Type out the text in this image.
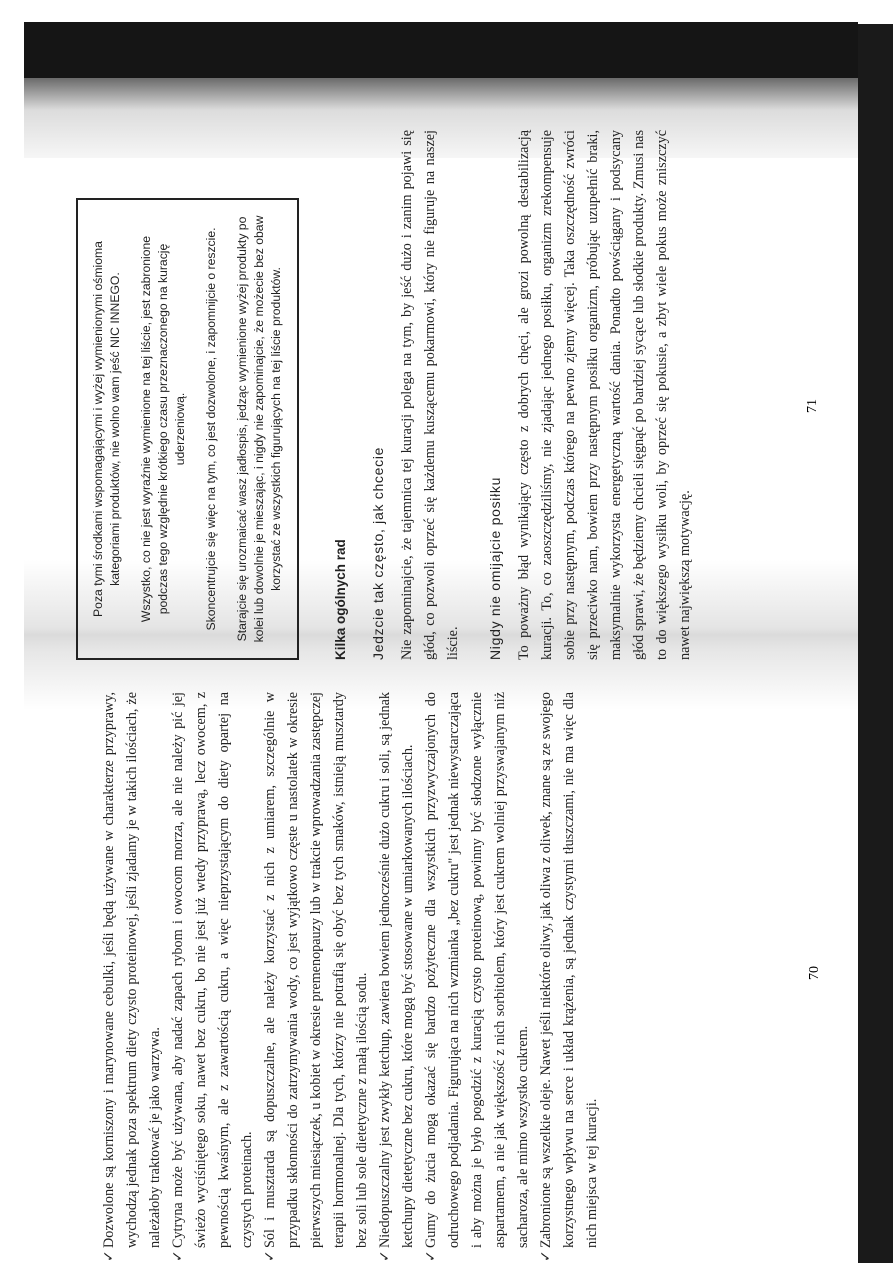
Poza tymi środkami wspomagającymi i wyżej wymienionymi ośmioma kategoriami produktów, nie wolno wam jeść NIC INNEGO. Wszystko, co nie jest wyraźnie wymienione na tej liście, jest zabronione podczas tego względnie krótkiego czasu przeznaczonego na kurację uderzeniową. Skoncentrujcie się więc na tym, co jest dozwolone, i zapomnijcie o reszcie. Starajcie się urozmaicać wasz jadłospis, jedząc wymienione wyżej produkty po kolei lub dowolnie je mieszając, i nigdy nie zapominajcie, że możecie bez obaw korzystać ze wszystkich figurujących na tej liście produktów.

Kilka ogólnych rad Jedzcie tak często, jak chcecie Nie zapominajcie, że tajemnica tej kuracji polega na tym, by jeść dużo i zanim pojawi się głód, co pozwoli oprzeć się każdemu kuszącemu pokarmowi, który nie figuruje na naszej liście. Nigdy nie omijajcie posiłku To poważny błąd wynikający często z dobrych chęci, ale grozi powolną destabilizacją kuracji. To, co zaoszczędziliśmy, nie zjadając jednego posiłku, organizm zrekompensuje sobie przy następnym, podczas którego na pewno zjemy więcej. Taka oszczędność zwróci się przeciwko nam, bowiem przy następnym posiłku organizm, próbując uzupełnić braki, maksymalnie wykorzysta energetyczną wartość dania. Ponadto powściągany i podsycany głód sprawi, że będziemy chcieli sięgnąć po bardziej sycące lub słodkie produkty. Zmusi nas to do większego wysiłku woli, by oprzeć się pokusie, a zbyt wiele pokus może zniszczyć nawet największą motywację.
71
✓
Dozwolone są korniszony i marynowane cebulki, jeśli będą używane w charakterze przyprawy, wychodzą jednak poza spektrum diety czysto proteinowej, jeśli zjadamy je w takich ilościach, że należałoby traktować je jako warzywa.
✓
Cytryna może być używana, aby nadać zapach rybom i owocom morza, ale nie należy pić jej świeżo wyciśniętego soku, nawet bez cukru, bo nie jest już wtedy przyprawą, lecz owocem, z pewnością kwaśnym, ale z zawartością cukru, a więc nieprzystającym do diety opartej na czystych proteinach.
✓
Sól i musztarda są dopuszczalne, ale należy korzystać z nich z umiarem, szczególnie w przypadku skłonności do zatrzymywania wody, co jest wyjątkowo częste u nastolatek w okresie pierwszych miesiączek, u kobiet w okresie premenopauzy lub w trakcie wprowadzania zastępczej terapii hormonalnej. Dla tych, którzy nie potrafią się obyć bez tych smaków, istnieją musztardy bez soli lub sole dietetyczne z małą ilością sodu.
✓
Niedopuszczalny jest zwykły ketchup, zawiera bowiem jednocześnie dużo cukru i soli, są jednak ketchupy dietetyczne bez cukru, które mogą być stosowane w umiarkowanych ilościach.
✓
Gumy do żucia mogą okazać się bardzo pożyteczne dla wszystkich przyzwyczajonych do odruchowego podjadania. Figurująca na nich wzmianka „bez cukru" jest jednak niewystarczająca i aby można je było pogodzić z kuracją czysto proteinową, powinny być słodzone wyłącznie aspartamem, a nie jak większość z nich sorbitolem, który jest cukrem wolniej przyswajanym niż sacharoza, ale mimo wszystko cukrem.
✓
Zabronione są wszelkie oleje. Nawet jeśli niektóre oliwy, jak oliwa z oliwek, znane są ze swojego korzystnego wpływu na serce i układ krążenia, są jednak czystymi tłuszczami, nie ma więc dla nich miejsca w tej kuracji.
70
